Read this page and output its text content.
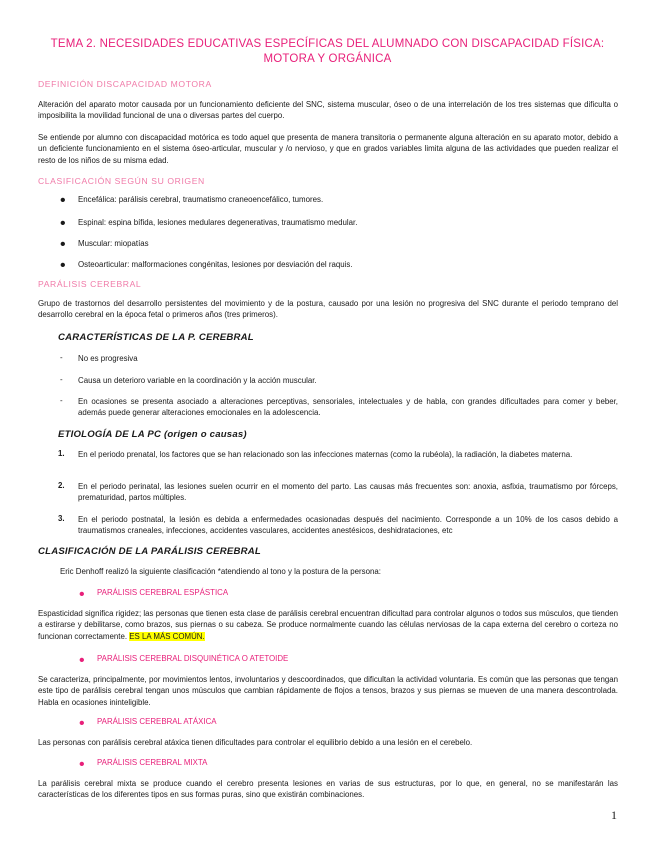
TEMA 2. NECESIDADES EDUCATIVAS ESPECÍFICAS DEL ALUMNADO CON DISCAPACIDAD FÍSICA:
MOTORA Y ORGÁNICA
DEFINICIÓN DISCAPACIDAD MOTORA

Alteración del aparato motor causada por un funcionamiento deficiente del SNC, sistema muscular, óseo o de una interrelación de los tres sistemas que dificulta o imposibilita la movilidad funcional de una o diversas partes del cuerpo.

Se entiende por alumno con discapacidad motórica es todo aquel que presenta de manera transitoria o permanente alguna alteración en su aparato motor, debido a un deficiente funcionamiento en el sistema óseo-articular, muscular y /o nervioso, y que en grados variables limita alguna de las actividades que pueden realizar el resto de los niños de su misma edad.

CLASIFICACIÓN SEGÚN SU ORIGEN
• Encefálica: parálisis cerebral, traumatismo craneoencefálico, tumores.

• Espinal: espina bífida, lesiones medulares degenerativas, traumatismo medular.

• Muscular: miopatías

• Osteoarticular: malformaciones congénitas, lesiones por desviación del raquis.

PARÁLISIS CEREBRAL

Grupo de trastornos del desarrollo persistentes del movimiento y de la postura, causado por una lesión no progresiva del SNC durante el periodo temprano del desarrollo cerebral en la época fetal o primeros años (tres primeros).

CARACTERÍSTICAS DE LA P. CEREBRAL
- No es progresiva

- Causa un deterioro variable en la coordinación y la acción muscular.

- En ocasiones se presenta asociado a alteraciones perceptivas, sensoriales, intelectuales y de habla, con grandes dificultades para comer y beber, además puede generar alteraciones emocionales en la adolescencia.

ETIOLOGÍA DE LA PC (origen o causas)
1. En el periodo prenatal, los factores que se han relacionado son las infecciones maternas (como la rubéola), la radiación, la diabetes materna.

2. En el periodo perinatal, las lesiones suelen ocurrir en el momento del parto. Las causas más frecuentes son: anoxia, asfixia, traumatismo por fórceps, prematuridad, partos múltiples.

3. En el periodo postnatal, la lesión es debida a enfermedades ocasionadas después del nacimiento. Corresponde a un 10% de los casos debido a traumatismos craneales, infecciones, accidentes vasculares, accidentes anestésicos, deshidrataciones, etc

CLASIFICACIÓN DE LA PARÁLISIS CEREBRAL

Eric Denhoff realizó la siguiente clasificación *atendiendo al tono y la postura de la persona:

• PARÁLISIS CEREBRAL ESPÁSTICA

Espasticidad significa rigidez; las personas que tienen esta clase de parálisis cerebral encuentran dificultad para controlar algunos o todos sus músculos, que tienden a estirarse y debilitarse, como brazos, sus piernas o su cabeza. Se produce normalmente cuando las células nerviosas de la capa externa del cerebro o corteza no funcionan correctamente. ES LA MÁS COMÚN.

• PARÁLISIS CEREBRAL DISQUINÉTICA O ATETOIDE

Se caracteriza, principalmente, por movimientos lentos, involuntarios y descoordinados, que dificultan la actividad voluntaria. Es común que las personas que tengan este tipo de parálisis cerebral tengan unos músculos que cambian rápidamente de flojos a tensos, brazos y sus piernas se mueven de una manera descontrolada. Habla en ocasiones ininteligible.

• PARÁLISIS CEREBRAL ATÁXICA

Las personas con parálisis cerebral atáxica tienen dificultades para controlar el equilibrio debido a una lesión en el cerebelo.

• PARÁLISIS CEREBRAL MIXTA

La parálisis cerebral mixta se produce cuando el cerebro presenta lesiones en varias de sus estructuras, por lo que, en general, no se manifestarán las características de los diferentes tipos en sus formas puras, sino que existirán combinaciones.

1
